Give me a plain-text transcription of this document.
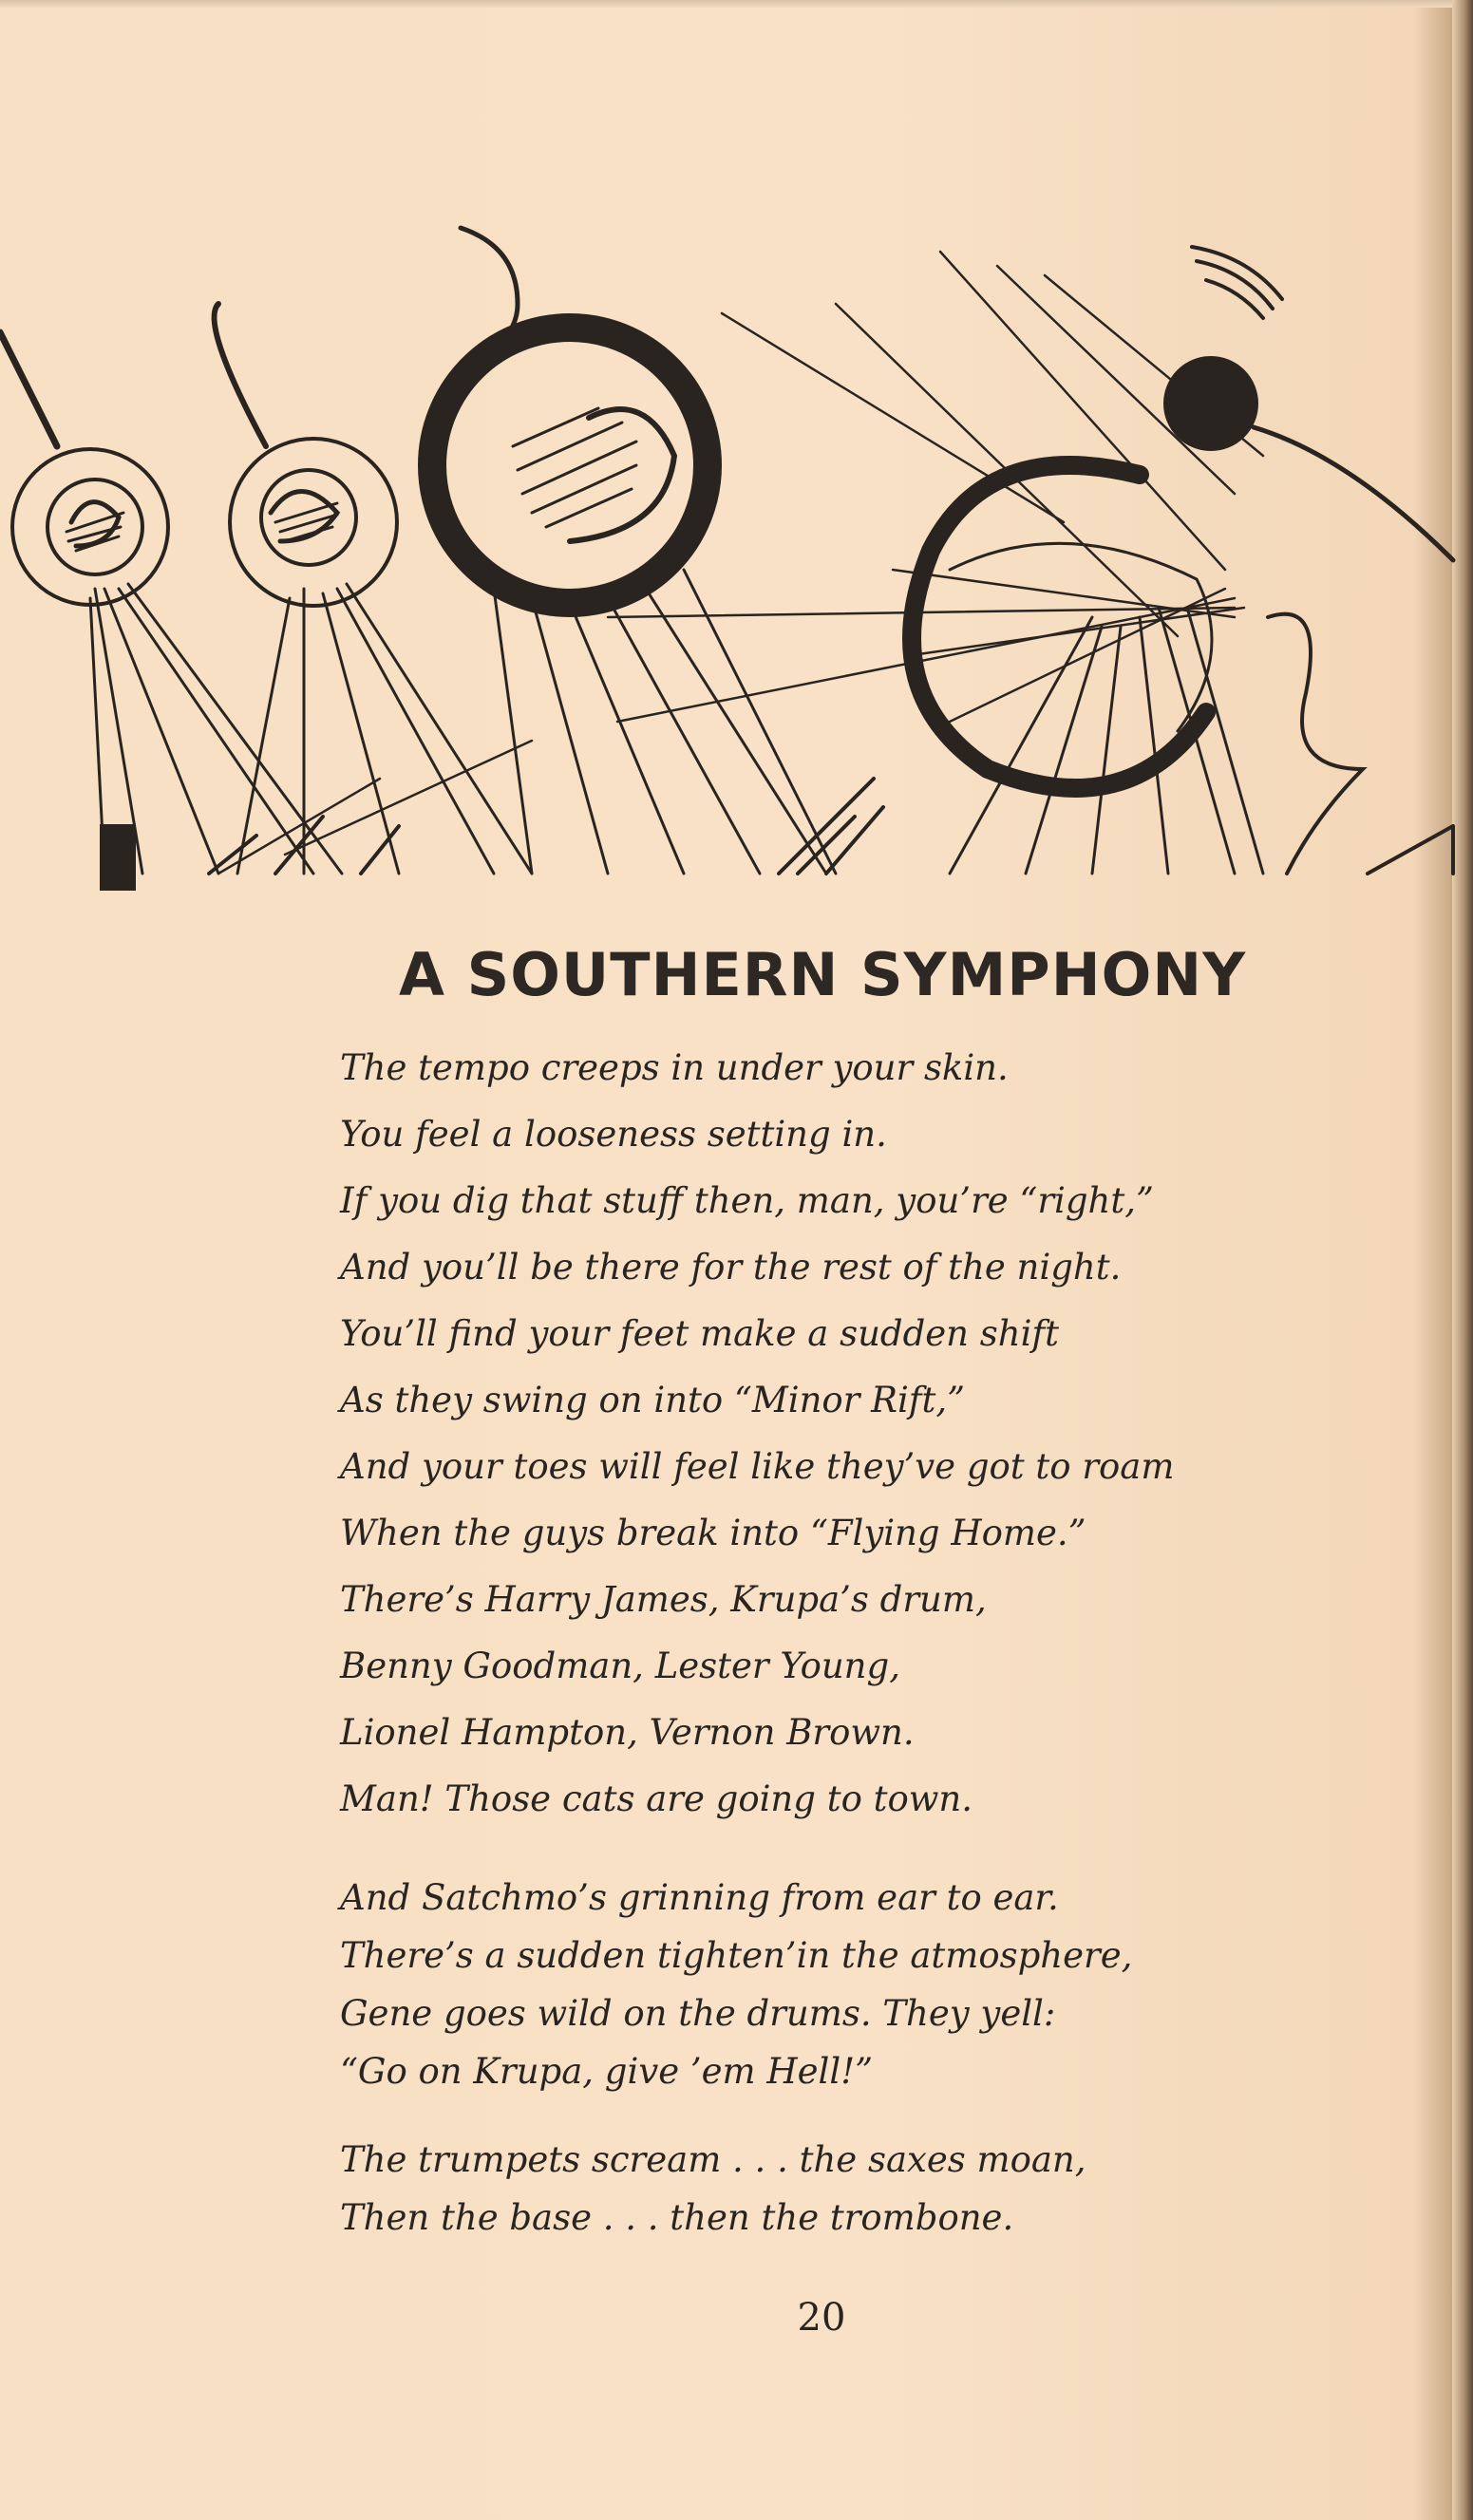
A SOUTHERN SYMPHONY
The tempo creeps in under your skin.
You feel a looseness setting in.
If you dig that stuff then, man, you’re “right,”
And you’ll be there for the rest of the night.
You’ll find your feet make a sudden shift
As they swing on into “Minor Rift,”
And your toes will feel like they’ve got to roam
When the guys break into “Flying Home.”
There’s Harry James, Krupa’s drum,
Benny Goodman, Lester Young,
Lionel Hampton, Vernon Brown.
Man! Those cats are going to town.
And Satchmo’s grinning from ear to ear.
There’s a sudden tighten’in the atmosphere,
Gene goes wild on the drums. They yell:
“Go on Krupa, give ’em Hell!”
The trumpets scream . . . the saxes moan,
Then the base . . . then the trombone.
20
